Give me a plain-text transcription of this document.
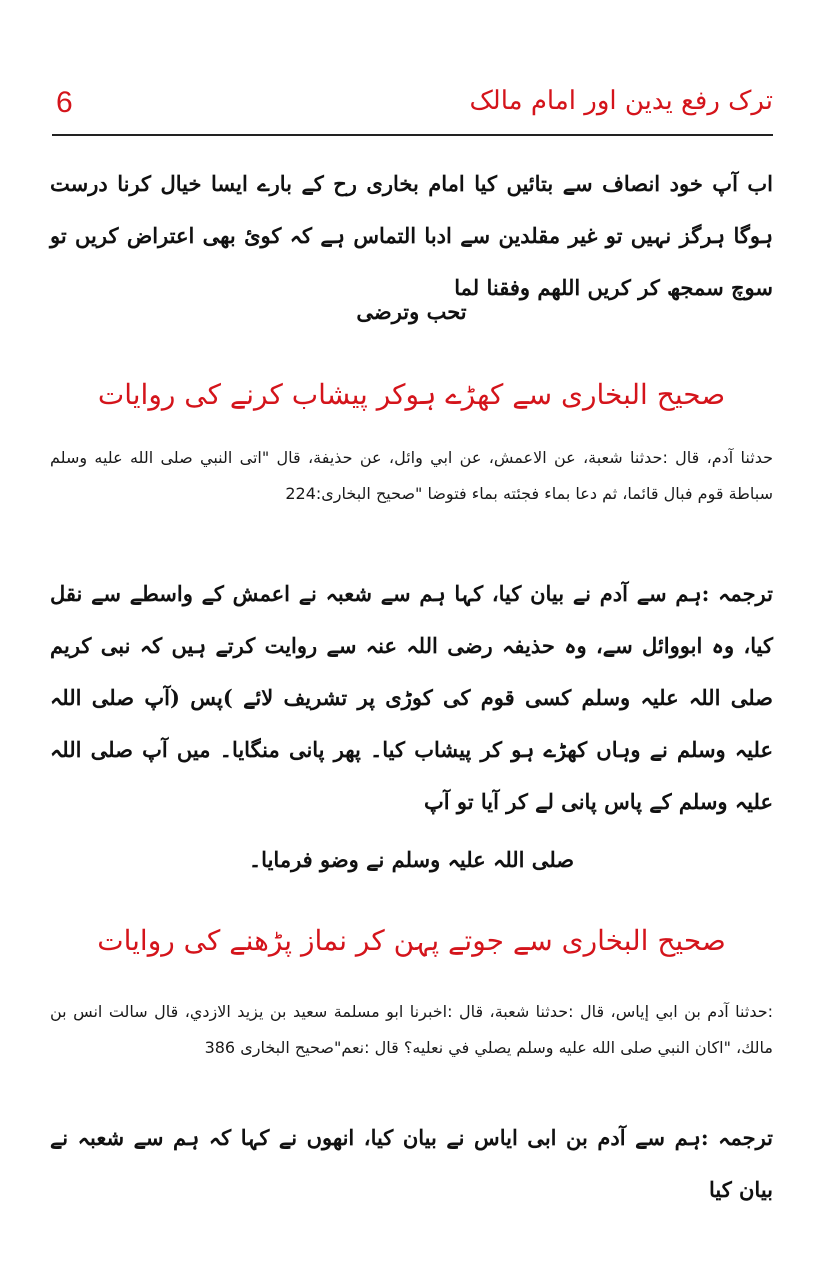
6	ترک رفع یدین اور امام مالک
اب آپ خود انصاف سے بتائیں کیا امام بخاری رح کے بارے ایسا خیال کرنا درست ہوگا ہرگز نہیں تو غیر مقلدین سے ادبا التماس ہے کہ کوئ بھی اعتراض کریں تو سوچ سمجھ کر کریں اللھم وفقنا لما
تحب وترضی
صحیح البخاری سے کھڑے ہوکر پیشاب کرنے کی روایات
حدثنا آدم، قال :حدثنا شعبة، عن الاعمش، عن ابي وائل، عن حذيفة، قال "اتى النبي صلى الله عليه وسلم سباطة قوم فبال قائما، ثم دعا بماء فجئته بماء فتوضا "صحیح البخاری:224
ترجمہ :ہم سے آدم نے بیان کیا، کہا ہم سے شعبہ نے اعمش کے واسطے سے نقل کیا، وہ ابووائل سے، وہ حذیفہ رضی اللہ عنہ سے روایت کرتے ہیں کہ نبی کریم صلی اللہ علیہ وسلم کسی قوم کی کوڑی پر تشریف لائے )پس (آپ صلی اللہ علیہ وسلم نے وہاں کھڑے ہو کر پیشاب کیا۔ پھر پانی منگایا۔ میں آپ صلی اللہ علیہ وسلم کے پاس پانی لے کر آیا تو آپ
صلی اللہ علیہ وسلم نے وضو فرمایا۔
صحیح البخاری سے جوتے پہن کر نماز پڑھنے کی روایات
:حدثنا آدم بن ابي إياس، قال :حدثنا شعبة، قال :اخبرنا ابو مسلمة سعيد بن يزيد الازدي، قال سالت انس بن مالك، "اكان النبي صلى الله عليه وسلم يصلي في نعليه؟ قال :نعم"صحیح البخاری 386
ترجمہ :ہم سے آدم بن ابی ایاس نے بیان کیا، انھوں نے کہا کہ ہم سے شعبہ نے بیان کیا
